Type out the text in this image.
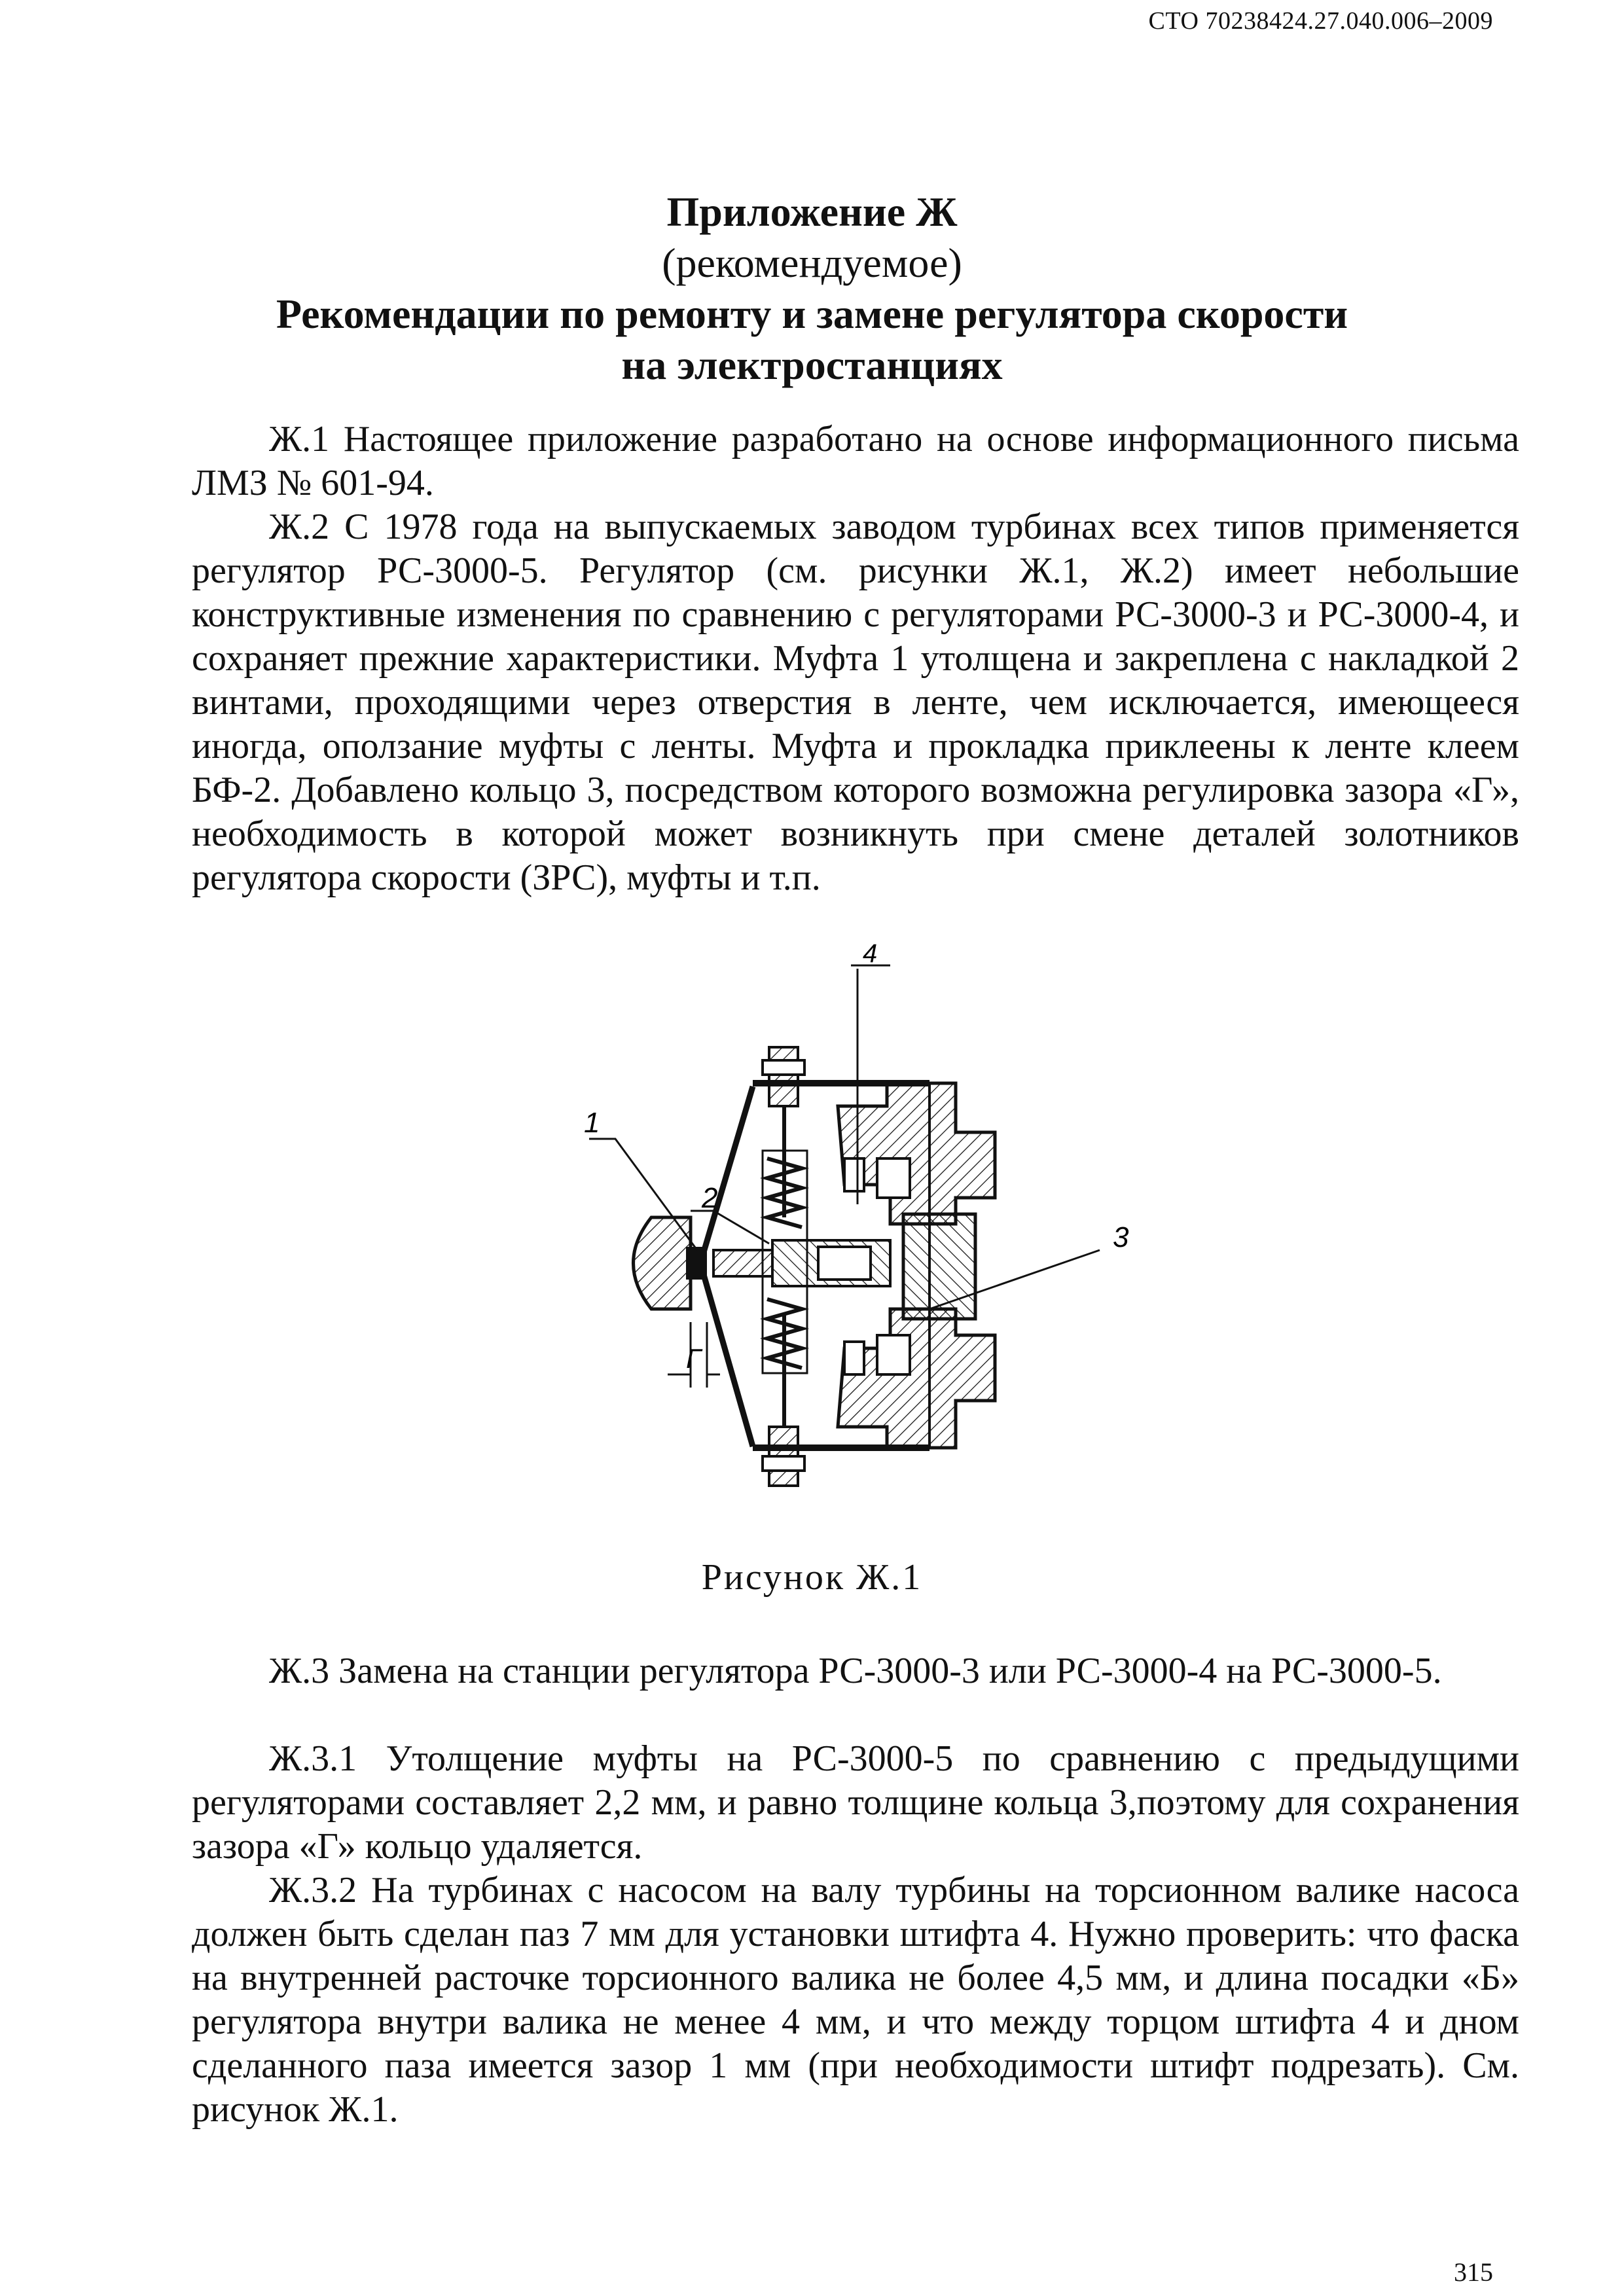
СТО 70238424.27.040.006–2009
Приложение Ж
(рекомендуемое)
Рекомендации по ремонту и замене регулятора скорости на электростанциях

Ж.1 Настоящее приложение разработано на основе информационного письма ЛМЗ № 601-94.

Ж.2 С 1978 года на выпускаемых заводом турбинах всех типов применяется регулятор РС-3000-5. Регулятор (см. рисунки Ж.1, Ж.2) имеет небольшие конструктивные изменения по сравнению с регуляторами РС-3000-3 и РС-3000-4, и сохраняет прежние характеристики. Муфта 1 утолщена и закреплена с накладкой 2 винтами, проходящими через отверстия в ленте, чем исключается, имеющееся иногда, оползание муфты с ленты. Муфта и прокладка приклеены к ленте клеем БФ-2. Добавлено кольцо 3, посредством которого возможна регулировка зазора «Г», необходимость в которой может возникнуть при смене деталей золотников регулятора скорости (ЗРС), муфты и т.п.

1
2
4
3
Г
Рисунок Ж.1

Ж.3 Замена на станции регулятора РС-3000-3 или РС-3000-4 на РС-3000-5.

Ж.3.1 Утолщение муфты на РС-3000-5 по сравнению с предыдущими регуляторами составляет 2,2 мм, и равно толщине кольца 3,поэтому для сохранения зазора «Г» кольцо удаляется.

Ж.3.2 На турбинах с насосом на валу турбины на торсионном валике насоса должен быть сделан паз 7 мм для установки штифта 4. Нужно проверить: что фаска на внутренней расточке торсионного валика не более 4,5 мм, и длина посадки «Б» регулятора внутри валика не менее 4 мм, и что между торцом штифта 4 и дном сделанного паза имеется зазор 1 мм (при необходимости штифт подрезать). См. рисунок Ж.1.

315
